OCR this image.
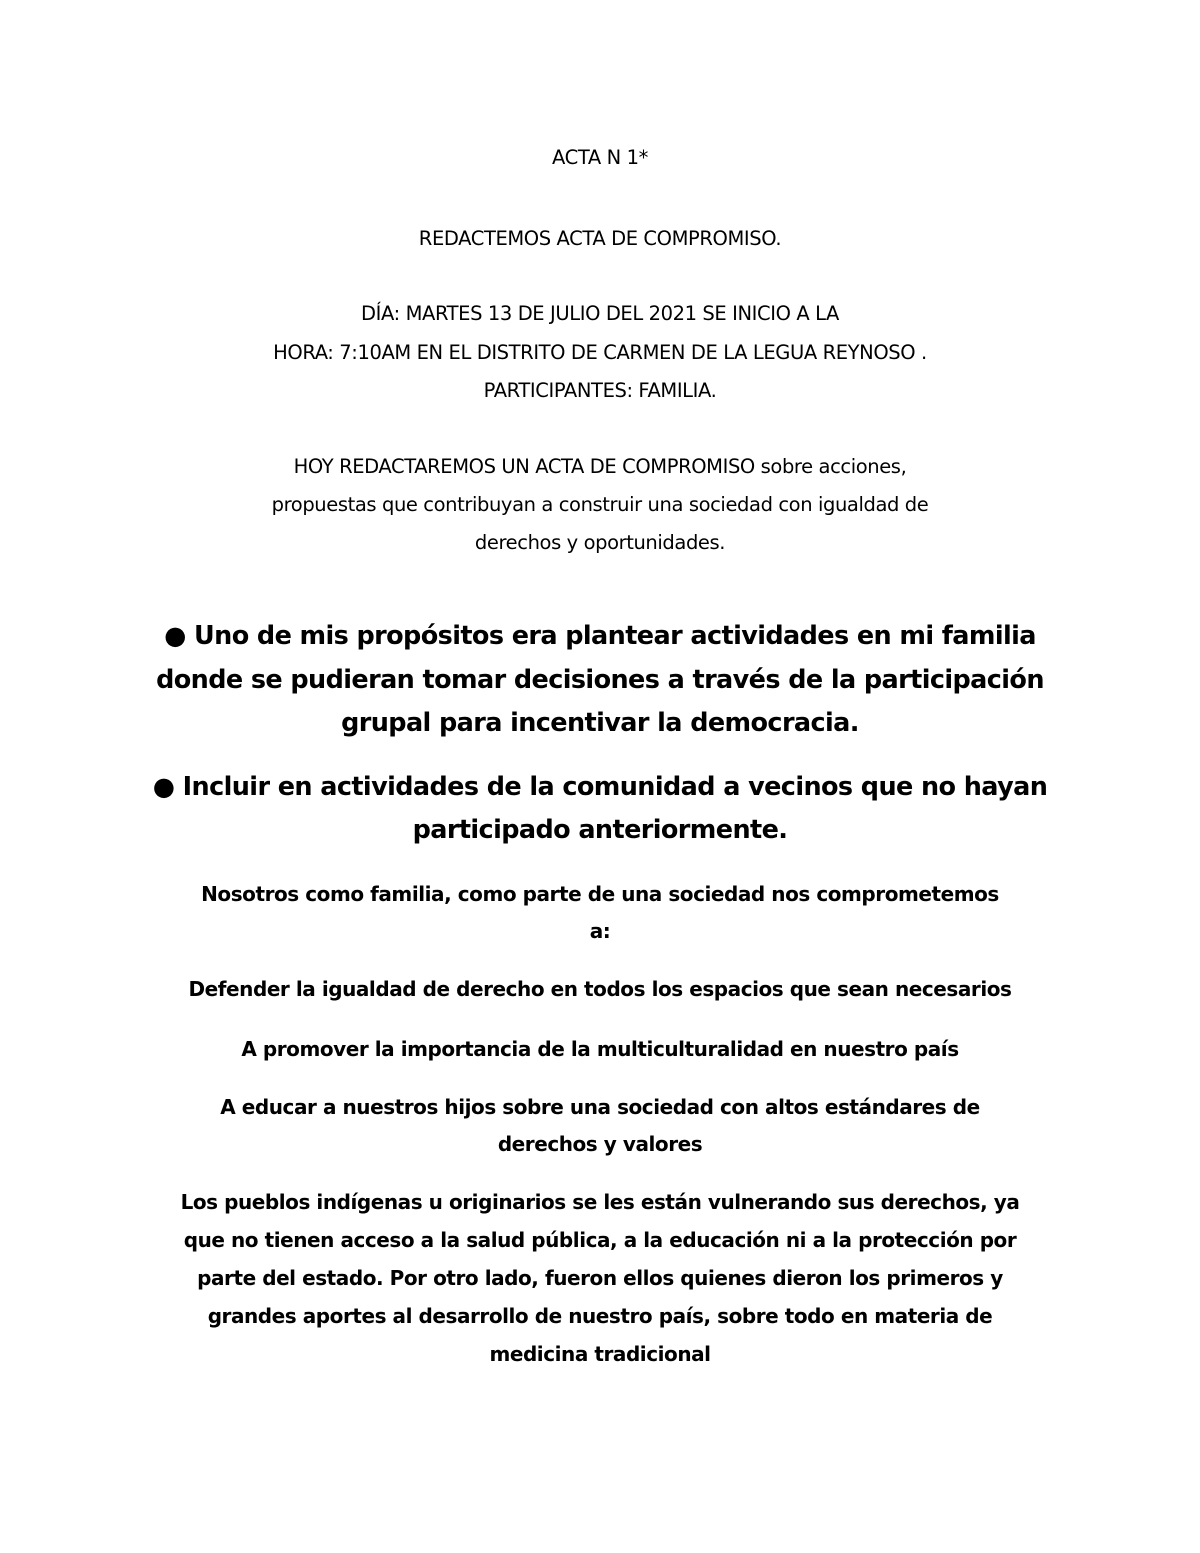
ACTA N 1*
REDACTEMOS ACTA DE COMPROMISO.
DÍA: MARTES 13 DE JULIO DEL 2021 SE INICIO A LA
HORA: 7:10AM EN EL DISTRITO DE CARMEN DE LA LEGUA REYNOSO .
PARTICIPANTES: FAMILIA.
HOY REDACTAREMOS UN ACTA DE COMPROMISO sobre acciones,
propuestas que contribuyan a construir una sociedad con igualdad de
derechos y oportunidades.
● Uno de mis propósitos era plantear actividades en mi familia
donde se pudieran tomar decisiones a través de la participación
grupal para incentivar la democracia.
● Incluir en actividades de la comunidad a vecinos que no hayan
participado anteriormente.
Nosotros como familia, como parte de una sociedad nos comprometemos
a:
Defender la igualdad de derecho en todos los espacios que sean necesarios
A promover la importancia de la multiculturalidad en nuestro país
A educar a nuestros hijos sobre una sociedad con altos estándares de
derechos y valores
Los pueblos indígenas u originarios se les están vulnerando sus derechos, ya
que no tienen acceso a la salud pública, a la educación ni a la protección por
parte del estado. Por otro lado, fueron ellos quienes dieron los primeros y
grandes aportes al desarrollo de nuestro país, sobre todo en materia de
medicina tradicional
